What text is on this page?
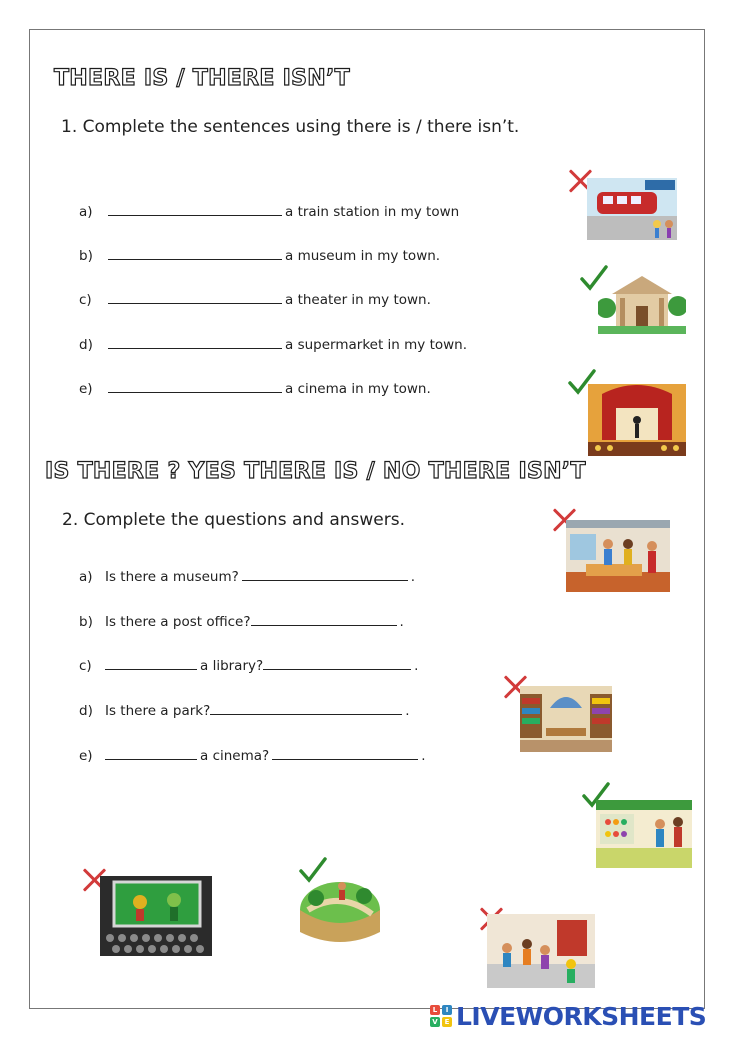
THERE IS / THERE ISN’T
1. Complete the sentences using there is / there isn’t.
a)	a train station in my town
b)	a museum in my town.
c)	a theater in my town.
d)	a supermarket in my town.
e)	a cinema in my town.
IS THERE ? YES THERE IS / NO THERE ISN’T
2. Complete the questions and answers.
a) Is there a museum?	.
b) Is there a post office?	.
c)	a library?	.
d) Is there a park?	.
e)	a cinema?	.
L	I
V E LIVEWORKSHEETS
